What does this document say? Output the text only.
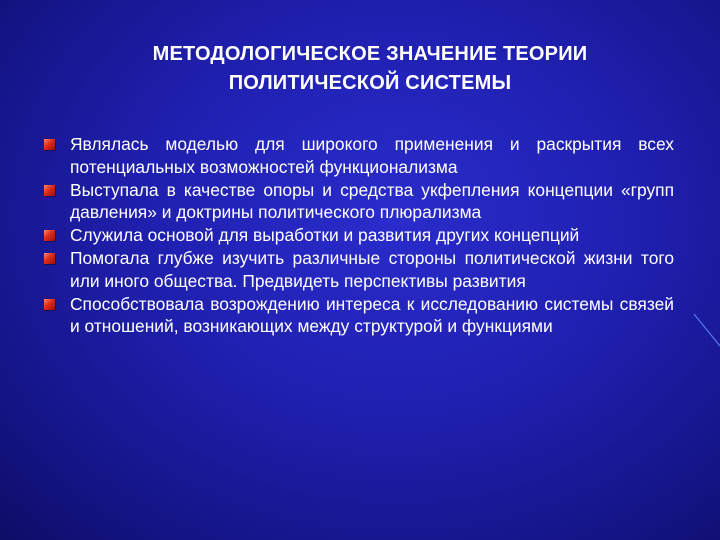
МЕТОДОЛОГИЧЕСКОЕ ЗНАЧЕНИЕ ТЕОРИИ
ПОЛИТИЧЕСКОЙ СИСТЕМЫ
Являлась моделью для широкого применения и раскрытия всех потенциальных возможностей функционализма
Выступала в качестве опоры и средства укфепления концепции «групп давления» и доктрины политического плюрализма
Служила основой для выработки и развития других концепций
Помогала глубже изучить различные стороны политической жизни того или иного общества. Предвидеть перспективы развития
Способствовала возрождению интереса к исследованию системы связей и отношений, возникающих между структурой и функциями
